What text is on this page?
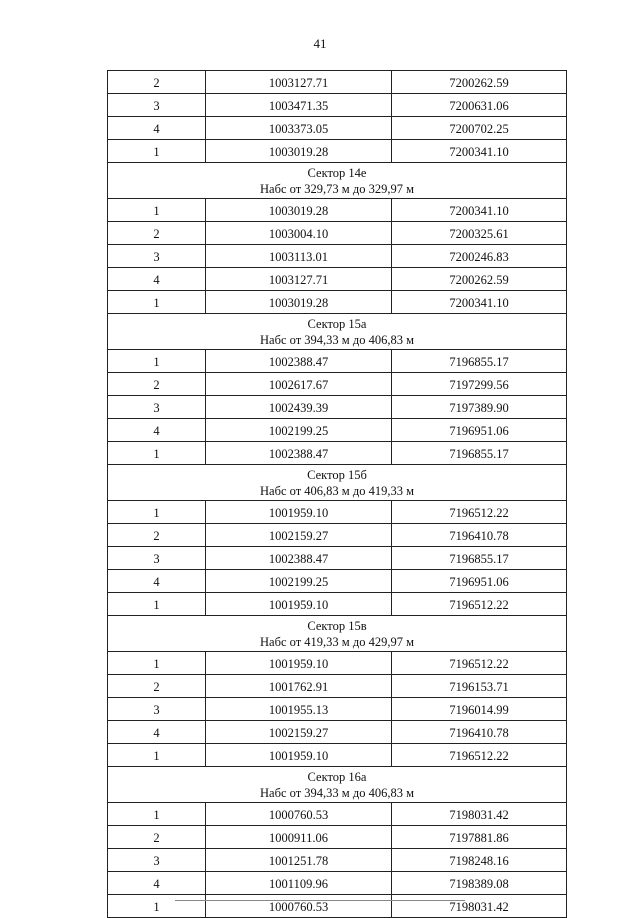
41
2	1003127.71	7200262.59
3	1003471.35	7200631.06
4	1003373.05	7200702.25
1	1003019.28	7200341.10

Сектор 14е
Набс от 329,73 м до 329,97 м		

1	1003019.28	7200341.10
2	1003004.10	7200325.61
3	1003113.01	7200246.83
4	1003127.71	7200262.59
1	1003019.28	7200341.10

Сектор 15а
Набс от 394,33 м до 406,83 м		

1	1002388.47	7196855.17
2	1002617.67	7197299.56
3	1002439.39	7197389.90
4	1002199.25	7196951.06
1	1002388.47	7196855.17

Сектор 15б
Набс от 406,83 м до 419,33 м		

1	1001959.10	7196512.22
2	1002159.27	7196410.78
3	1002388.47	7196855.17
4	1002199.25	7196951.06
1	1001959.10	7196512.22

Сектор 15в
Набс от 419,33 м до 429,97 м		

1	1001959.10	7196512.22
2	1001762.91	7196153.71
3	1001955.13	7196014.99
4	1002159.27	7196410.78
1	1001959.10	7196512.22

Сектор 16а
Набс от 394,33 м до 406,83 м		

1	1000760.53	7198031.42
2	1000911.06	7197881.86
3	1001251.78	7198248.16
4	1001109.96	7198389.08
1	1000760.53	7198031.42
